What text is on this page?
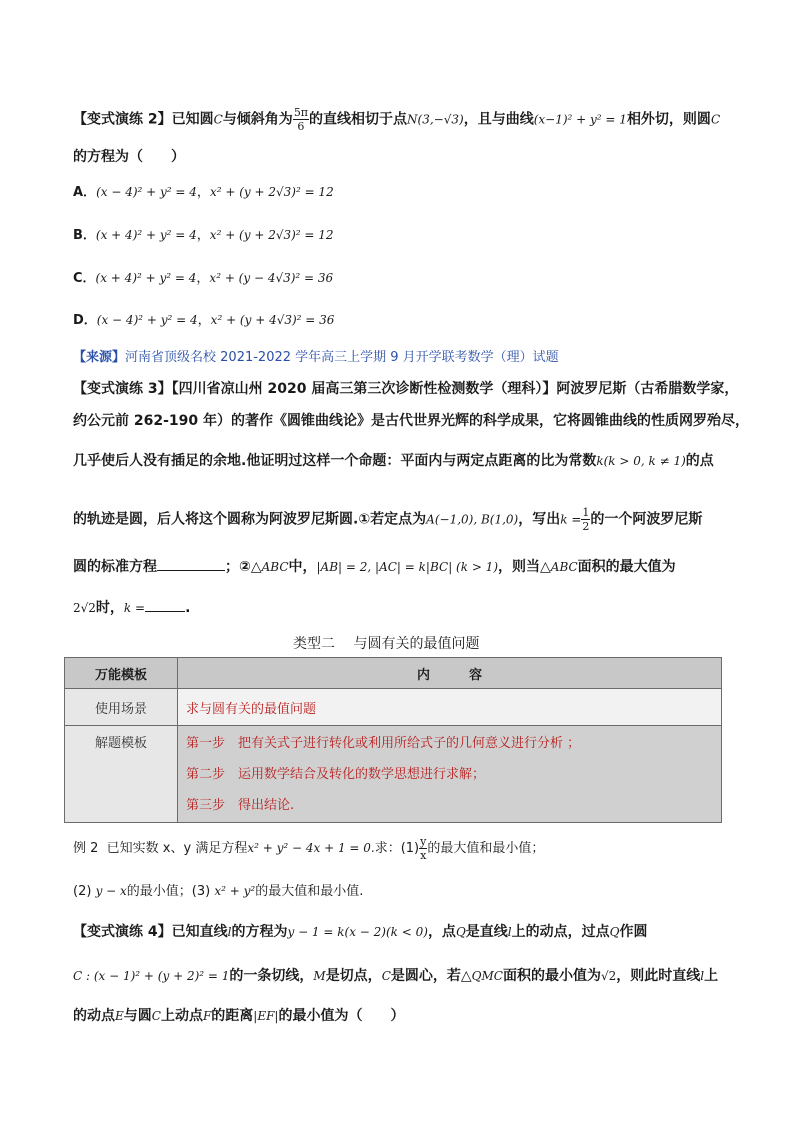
【变式演练 2】已知圆C与倾斜角为 $\frac{5\pi}{6}$ 的直线相切于点N(3,−√3)，且与曲线(x−1)² + y² = 1相外切，则圆C
的方程为（　　）
A．(x − 4)² + y² = 4，x² + (y + 2√3)² = 12
B．(x + 4)² + y² = 4，x² + (y + 2√3)² = 12
C．(x + 4)² + y² = 4，x² + (y − 4√3)² = 36
D．(x − 4)² + y² = 4，x² + (y + 4√3)² = 36
【来源】河南省顶级名校 2021-2022 学年高三上学期 9 月开学联考数学（理）试题
【变式演练 3】【四川省凉山州 2020 届高三第三次诊断性检测数学（理科）】阿波罗尼斯（古希腊数学家，
约公元前 262-190 年）的著作《圆锥曲线论》是古代世界光辉的科学成果，它将圆锥曲线的性质网罗殆尽，
几乎使后人没有插足的余地.他证明过这样一个命题：平面内与两定点距离的比为常数k(k > 0, k ≠ 1)的点
的轨迹是圆，后人将这个圆称为阿波罗尼斯圆.①若定点为A(−1,0), B(1,0)，写出$k = \frac{1}{2}$ 的一个阿波罗尼斯
圆的标准方程	；②△ABC中，|AB| = 2, |AC| = k|BC| (k > 1)，则当△ABC面积的最大值为
2√2时，k =	.
类型二　 与圆有关的最值问题
万能模板	内　　　容
使用场景	求与圆有关的最值问题
解题模板	第一步 把有关式子进行转化或利用所给式子的几何意义进行分析 ；
第二步 运用数学结合及转化的数学思想进行求解；
第三步 得出结论.
例 2 已知实数 x、y 满足方程x² + y² − 4x + 1 = 0.求：$(1) \frac{y}{x}$ 的最大值和最小值；
(2) y − x的最小值；(3) x² + y²的最大值和最小值.
【变式演练 4】已知直线l的方程为y − 1 = k(x − 2)(k < 0)，点Q是直线l上的动点，过点Q作圆
C : (x − 1)² + (y + 2)² = 1的一条切线，M是切点，C是圆心，若△QMC面积的最小值为√2，则此时直线l上
的动点E与圆C上动点F的距离|EF|的最小值为（　　）
